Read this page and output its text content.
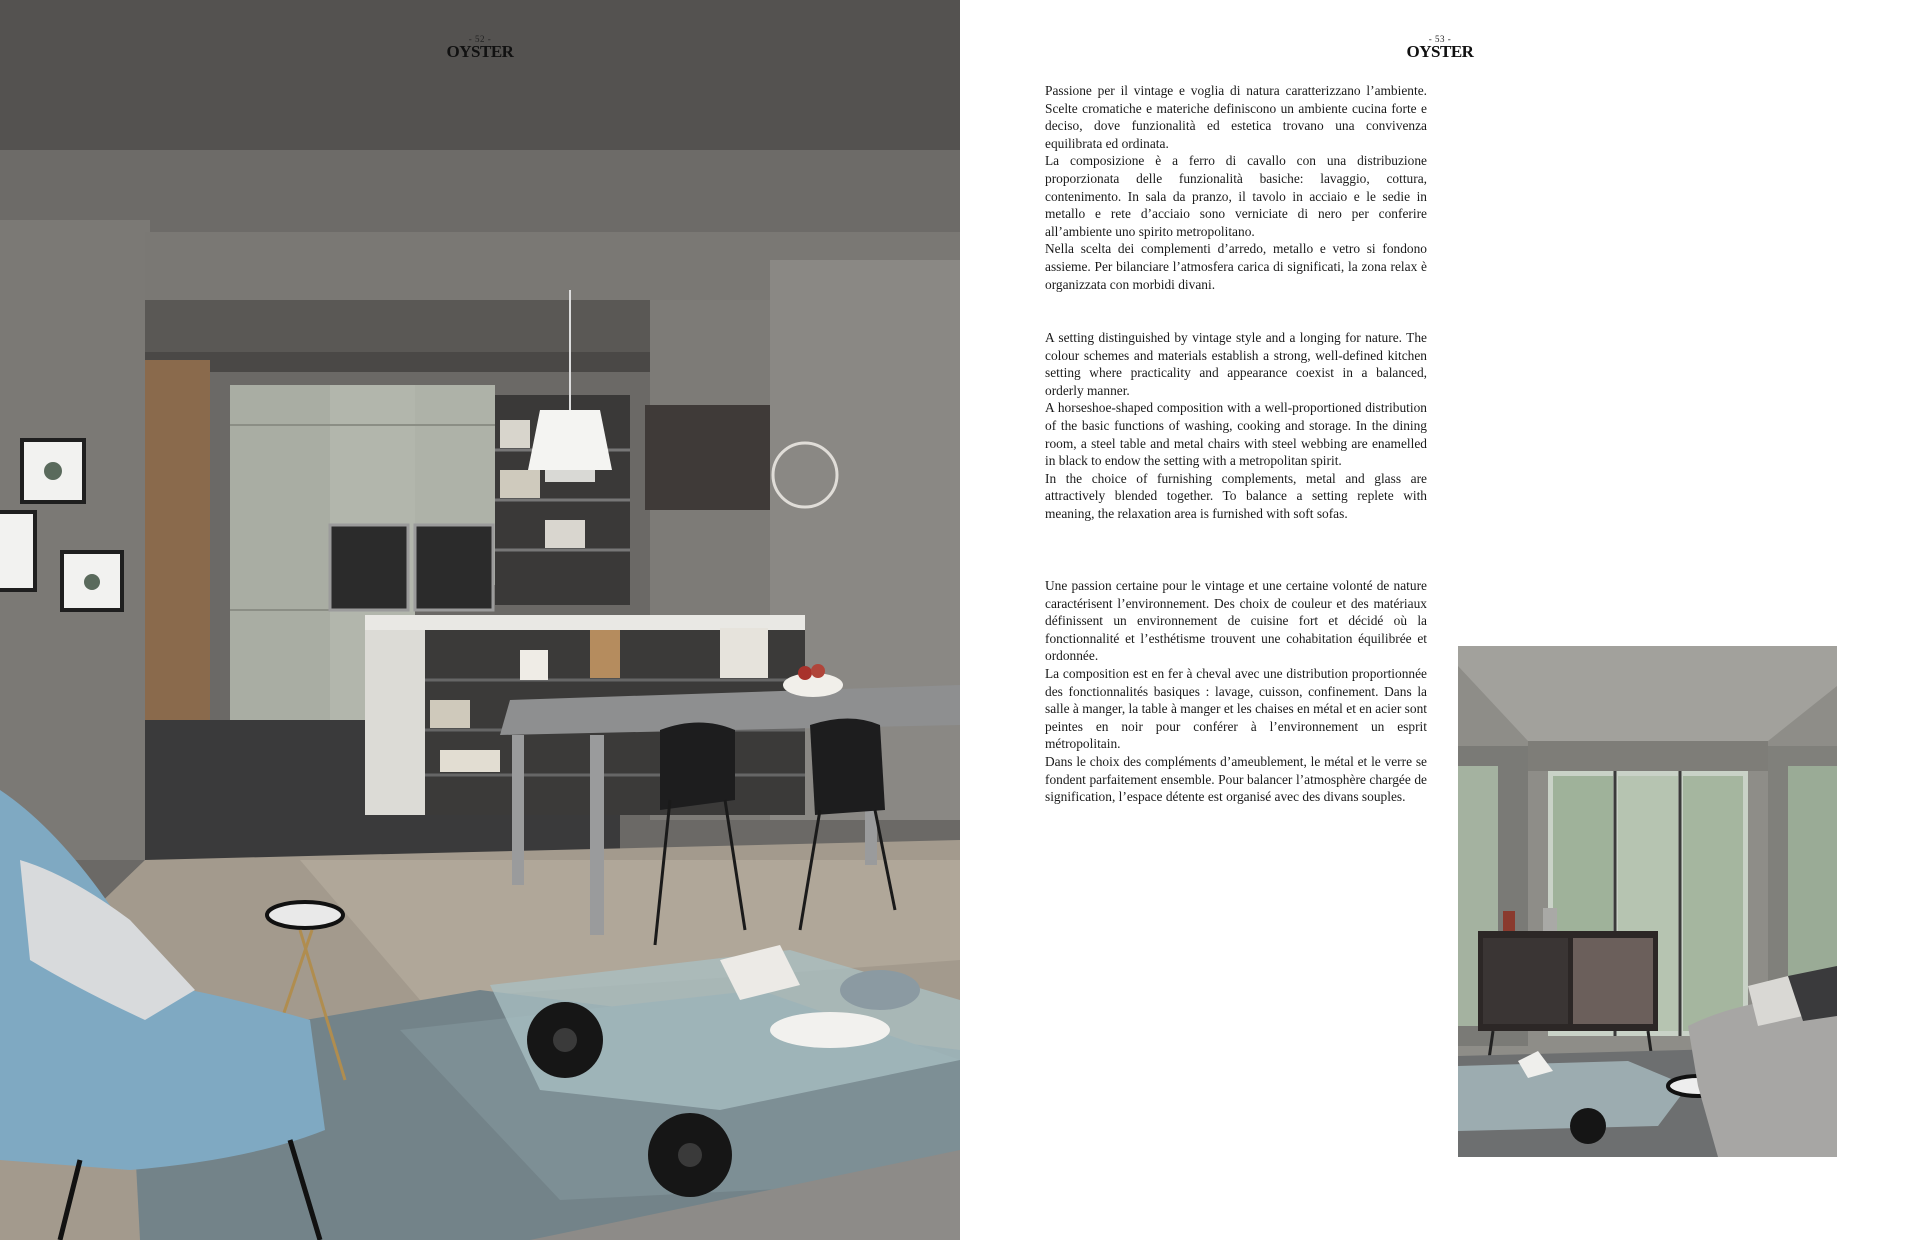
- 52 -
OYSTER
- 53 -
OYSTER

Passione per il vintage e voglia di natura caratterizzano l’ambiente. Scelte cromatiche e materiche definiscono un ambiente cucina forte e deciso, dove funzionalità ed estetica trovano una convivenza equilibrata ed ordinata.

La composizione è a ferro di cavallo con una distribuzione proporzionata delle funzionalità basiche: lavaggio, cottura, contenimento. In sala da pranzo, il tavolo in acciaio e le sedie in metallo e rete d’acciaio sono verniciate di nero per conferire all’ambiente uno spirito metropolitano.

Nella scelta dei complementi d’arredo, metallo e vetro si fondono assieme. Per bilanciare l’atmosfera carica di significati, la zona relax è organizzata con morbidi divani.

A setting distinguished by vintage style and a longing for nature. The colour schemes and materials establish a strong, well-defined kitchen setting where practicality and appearance coexist in a balanced, orderly manner.

A horseshoe-shaped composition with a well-proportioned distribution of the basic functions of washing, cooking and storage. In the dining room, a steel table and metal chairs with steel webbing are enamelled in black to endow the setting with a metropolitan spirit.

In the choice of furnishing complements, metal and glass are attractively blended together. To balance a setting replete with meaning, the relaxation area is furnished with soft sofas.

Une passion certaine pour le vintage et une certaine volonté de nature caractérisent l’environnement. Des choix de couleur et des matériaux définissent un environnement de cuisine fort et décidé où la fonctionnalité et l’esthétisme trouvent une cohabitation équilibrée et ordonnée.

La composition est en fer à cheval avec une distribution proportionnée des fonctionnalités basiques : lavage, cuisson, confinement. Dans la salle à manger, la table à manger et les chaises en métal et en acier sont peintes en noir pour conférer à l’environnement un esprit métropolitain.

Dans le choix des compléments d’ameublement, le métal et le verre se fondent parfaitement ensemble. Pour balancer l’atmosphère chargée de signification, l’espace détente est organisé avec des divans souples.
